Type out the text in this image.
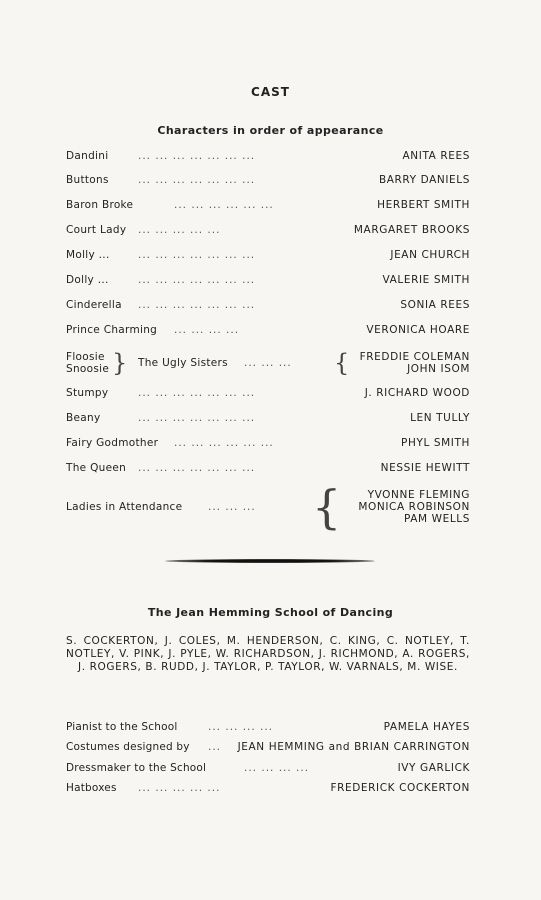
CAST
Characters in order of appearance
Dandini	... ... ... ... ... ... ...	ANITA REES
Buttons	... ... ... ... ... ... ...	BARRY DANIELS
Baron Broke	... ... ... ... ... ...	HERBERT SMITH
Court Lady ... ... ... ... ...	MARGARET BROOKS
Molly ...	... ... ... ... ... ... ...	JEAN CHURCH
Dolly ...	... ... ... ... ... ... ...	VALERIE SMITH
Cinderella ... ... ... ... ... ... ...	SONIA REES
Prince Charming ... ... ... ...	VERONICA HOARE
Floosie
Snoosie } The Ugly Sisters ... ... ... { FREDDIE COLEMAN
JOHN ISOM
Stumpy	... ... ... ... ... ... ...	J. RICHARD WOOD
Beany	... ... ... ... ... ... ...	LEN TULLY
Fairy Godmother ... ... ... ... ... ...	PHYL SMITH
The Queen ... ... ... ... ... ... ...	NESSIE HEWITT
Ladies in Attendance ... ... ... {	YVONNE FLEMING
MONICA ROBINSON
PAM WELLS
The Jean Hemming School of Dancing
S. COCKERTON, J. COLES, M. HENDERSON, C. KING, C. NOTLEY, T. NOTLEY, V. PINK, J. PYLE, W. RICHARDSON, J. RICHMOND, A. ROGERS, J. ROGERS, B. RUDD, J. TAYLOR, P. TAYLOR, W. VARNALS, M. WISE.
Pianist to the School	... ... ... ...	PAMELA HAYES
Costumes designed by ... JEAN HEMMING and BRIAN CARRINGTON
Dressmaker to the School	... ... ... ...	IVY GARLICK
Hatboxes ... ... ... ... ...	FREDERICK COCKERTON
